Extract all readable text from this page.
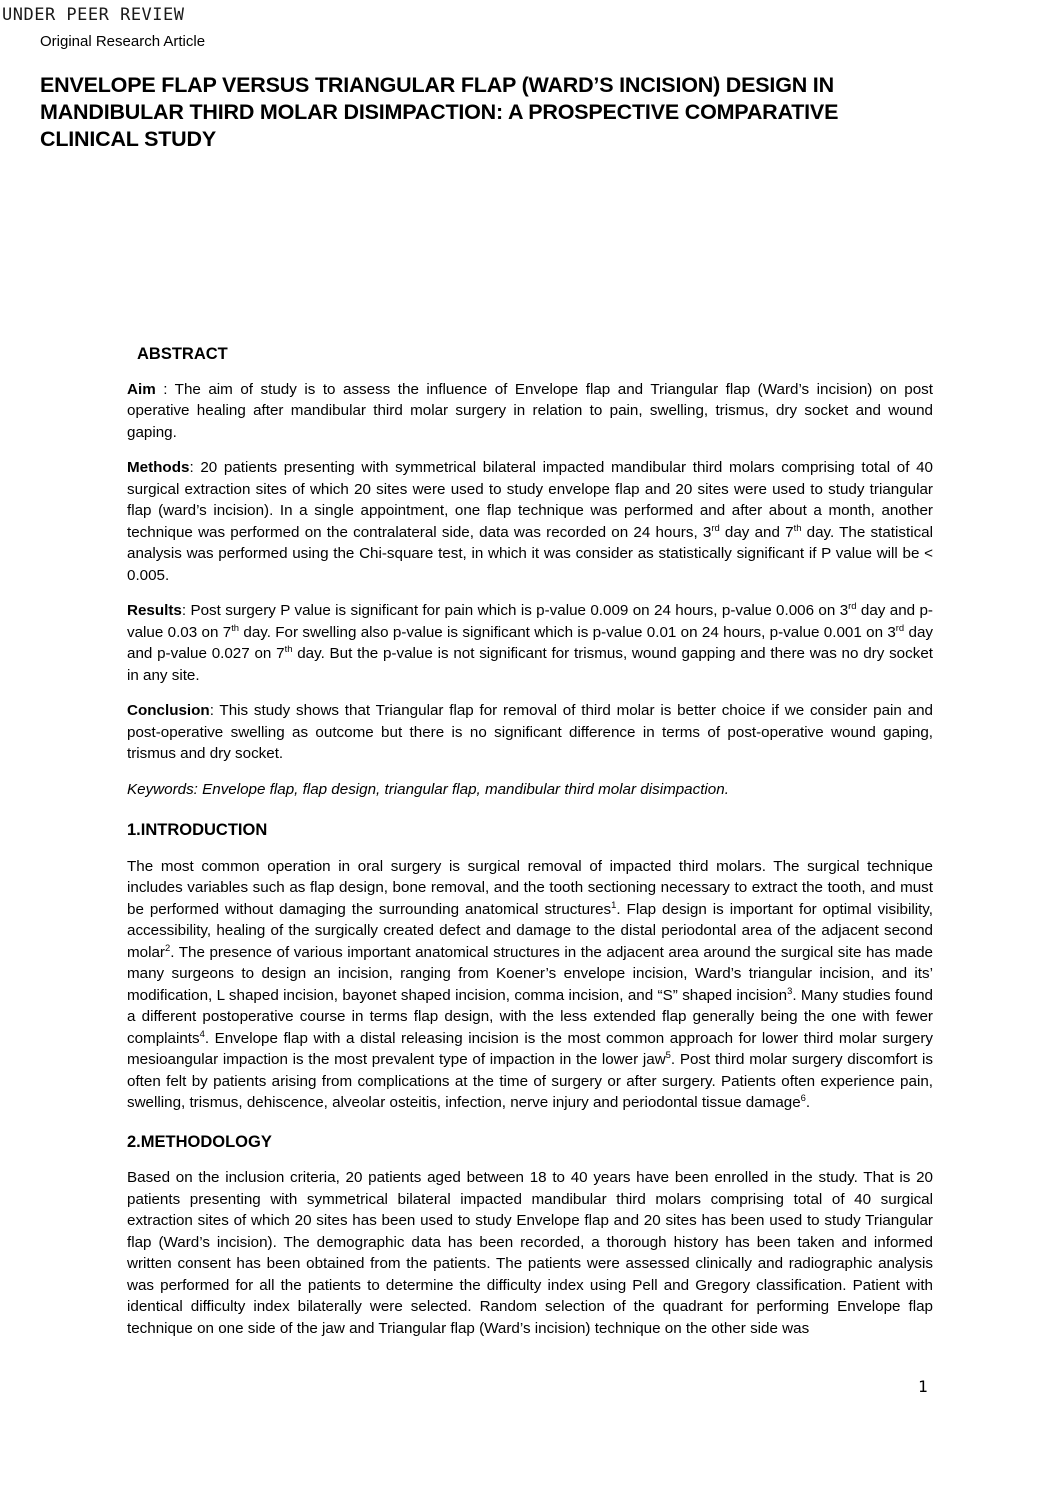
UNDER PEER REVIEW
Original Research Article
ENVELOPE FLAP VERSUS TRIANGULAR FLAP (WARD’S INCISION) DESIGN IN MANDIBULAR THIRD MOLAR DISIMPACTION: A PROSPECTIVE COMPARATIVE CLINICAL STUDY
ABSTRACT

Aim : The aim of study is to assess the influence of Envelope flap and Triangular flap (Ward’s incision) on post operative healing after mandibular third molar surgery in relation to pain, swelling, trismus, dry socket and wound gaping.

Methods: 20 patients presenting with symmetrical bilateral impacted mandibular third molars comprising total of 40 surgical extraction sites of which 20 sites were used to study envelope flap and 20 sites were used to study triangular flap (ward’s incision). In a single appointment, one flap technique was performed and after about a month, another technique was performed on the contralateral side, data was recorded on 24 hours, 3rd day and 7th day. The statistical analysis was performed using the Chi-square test, in which it was consider as statistically significant if P value will be < 0.005.

Results: Post surgery P value is significant for pain which is p-value 0.009 on 24 hours, p-value 0.006 on 3rd day and p-value 0.03 on 7th day. For swelling also p-value is significant which is p-value 0.01 on 24 hours, p-value 0.001 on 3rd day and p-value 0.027 on 7th day. But the p-value is not significant for trismus, wound gapping and there was no dry socket in any site.

Conclusion: This study shows that Triangular flap for removal of third molar is better choice if we consider pain and post-operative swelling as outcome but there is no significant difference in terms of post-operative wound gaping, trismus and dry socket.

Keywords: Envelope flap, flap design, triangular flap, mandibular third molar disimpaction.

1.INTRODUCTION

The most common operation in oral surgery is surgical removal of impacted third molars. The surgical technique includes variables such as flap design, bone removal, and the tooth sectioning necessary to extract the tooth, and must be performed without damaging the surrounding anatomical structures$^1$. Flap design is important for optimal visibility, accessibility, healing of the surgically created defect and damage to the distal periodontal area of the adjacent second molar$^2$. The presence of various important anatomical structures in the adjacent area around the surgical site has made many surgeons to design an incision, ranging from Koener’s envelope incision, Ward’s triangular incision, and its’ modification, L shaped incision, bayonet shaped incision, comma incision, and “S” shaped incision$^3$. Many studies found a different postoperative course in terms flap design, with the less extended flap generally being the one with fewer complaints$^4$. Envelope flap with a distal releasing incision is the most common approach for lower third molar surgery mesioangular impaction is the most prevalent type of impaction in the lower jaw$^5$. Post third molar surgery discomfort is often felt by patients arising from complications at the time of surgery or after surgery. Patients often experience pain, swelling, trismus, dehiscence, alveolar osteitis, infection, nerve injury and periodontal tissue damage$^6$.

2.METHODOLOGY

Based on the inclusion criteria, 20 patients aged between 18 to 40 years have been enrolled in the study. That is 20 patients presenting with symmetrical bilateral impacted mandibular third molars comprising total of 40 surgical extraction sites of which 20 sites has been used to study Envelope flap and 20 sites has been used to study Triangular flap (Ward’s incision). The demographic data has been recorded, a thorough history has been taken and informed written consent has been obtained from the patients. The patients were assessed clinically and radiographic analysis was performed for all the patients to determine the difficulty index using Pell and Gregory classification. Patient with identical difficulty index bilaterally were selected. Random selection of the quadrant for performing Envelope flap technique on one side of the jaw and Triangular flap (Ward’s incision) technique on the other side was

1
